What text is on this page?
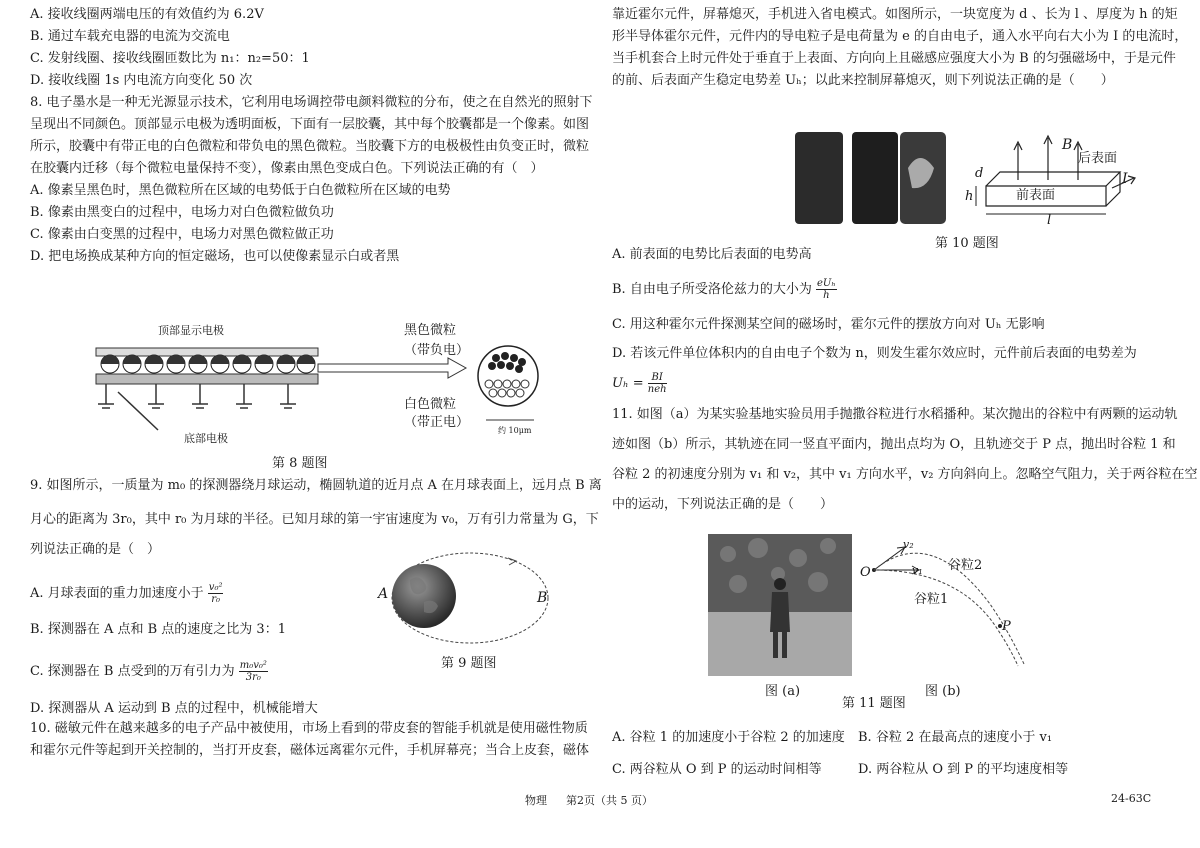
A. 接收线圈两端电压的有效值约为 6.2V
B. 通过车载充电器的电流为交流电
C. 发射线圈、接收线圈匝数比为 n₁：n₂=50：1
D. 接收线圈 1s 内电流方向变化 50 次
8. 电子墨水是一种无光源显示技术，它利用电场调控带电颜料微粒的分布，使之在自然光的照射下
呈现出不同颜色。顶部显示电极为透明面板，下面有一层胶囊，其中每个胶囊都是一个像素。如图
所示，胶囊中有带正电的白色微粒和带负电的黑色微粒。当胶囊下方的电极极性由负变正时，微粒
在胶囊内迁移（每个微粒电量保持不变），像素由黑色变成白色。下列说法正确的有（　）
A. 像素呈黑色时，黑色微粒所在区域的电势低于白色微粒所在区域的电势
B. 像素由黑变白的过程中，电场力对白色微粒做负功
C. 像素由白变黑的过程中，电场力对黑色微粒做正功
D. 把电场换成某种方向的恒定磁场，也可以使像素显示白或者黑
顶部显示电极
底部电极
黑色微粒
（带负电）
白色微粒
（带正电）
约 10μm
第 8 题图
9. 如图所示，一质量为 m₀ 的探测器绕月球运动，椭圆轨道的近月点 A 在月球表面上，远月点 B 离
月心的距离为 3r₀，其中 r₀ 为月球的半径。已知月球的第一宇宙速度为 v₀，万有引力常量为 G，下
列说法正确的是（　）
A. 月球表面的重力加速度小于 $\frac{\text{v₀²}}{\text{r₀}}$
B. 探测器在 A 点和 B 点的速度之比为 3：1
C. 探测器在 B 点受到的万有引力为 $\frac{\text{m₀v₀²}}{\text{3r₀}}$
D. 探测器从 A 运动到 B 点的过程中，机械能增大
A	B
第 9 题图
10. 磁敏元件在越来越多的电子产品中被使用，市场上看到的带皮套的智能手机就是使用磁性物质
和霍尔元件等起到开关控制的，当打开皮套，磁体远离霍尔元件，手机屏幕亮；当合上皮套，磁体
靠近霍尔元件，屏幕熄灭，手机进入省电模式。如图所示，一块宽度为 d 、长为 l 、厚度为 h 的矩
形半导体霍尔元件，元件内的导电粒子是电荷量为 e 的自由电子，通入水平向右大小为 I 的电流时，
当手机套合上时元件处于垂直于上表面、方向向上且磁感应强度大小为 B 的匀强磁场中，于是元件
的前、后表面产生稳定电势差 Uₕ；以此来控制屏幕熄灭，则下列说法正确的是（　　）
B
后表面
前表面
I
d
h
l
第 10 题图
A. 前表面的电势比后表面的电势高
B. 自由电子所受洛伦兹力的大小为 $\frac{\text{eUₕ}}{h}$
C. 用这种霍尔元件探测某空间的磁场时，霍尔元件的摆放方向对 Uₕ 无影响
D. 若该元件单位体积内的自由电子个数为 n，则发生霍尔效应时，元件前后表面的电势差为
$U_h = \frac{BI}{\text{neh}}$
11. 如图（a）为某实验基地实验员用手抛撒谷粒进行水稻播种。某次抛出的谷粒中有两颗的运动轨
迹如图（b）所示，其轨迹在同一竖直平面内，抛出点均为 O，且轨迹交于 P 点，抛出时谷粒 1 和
谷粒 2 的初速度分别为 v₁ 和 v₂，其中 v₁ 方向水平，v₂ 方向斜向上。忽略空气阻力，关于两谷粒在空
中的运动，下列说法正确的是（　　）
图 (a)
v₂
v₁
O	谷粒2
谷粒1
P
图 (b)
第 11 题图
A. 谷粒 1 的加速度小于谷粒 2 的加速度 B. 谷粒 2 在最高点的速度小于 v₁
C. 两谷粒从 O 到 P 的运动时间相等	D. 两谷粒从 O 到 P 的平均速度相等
物理 第2页（共 5 页）	24-63C
